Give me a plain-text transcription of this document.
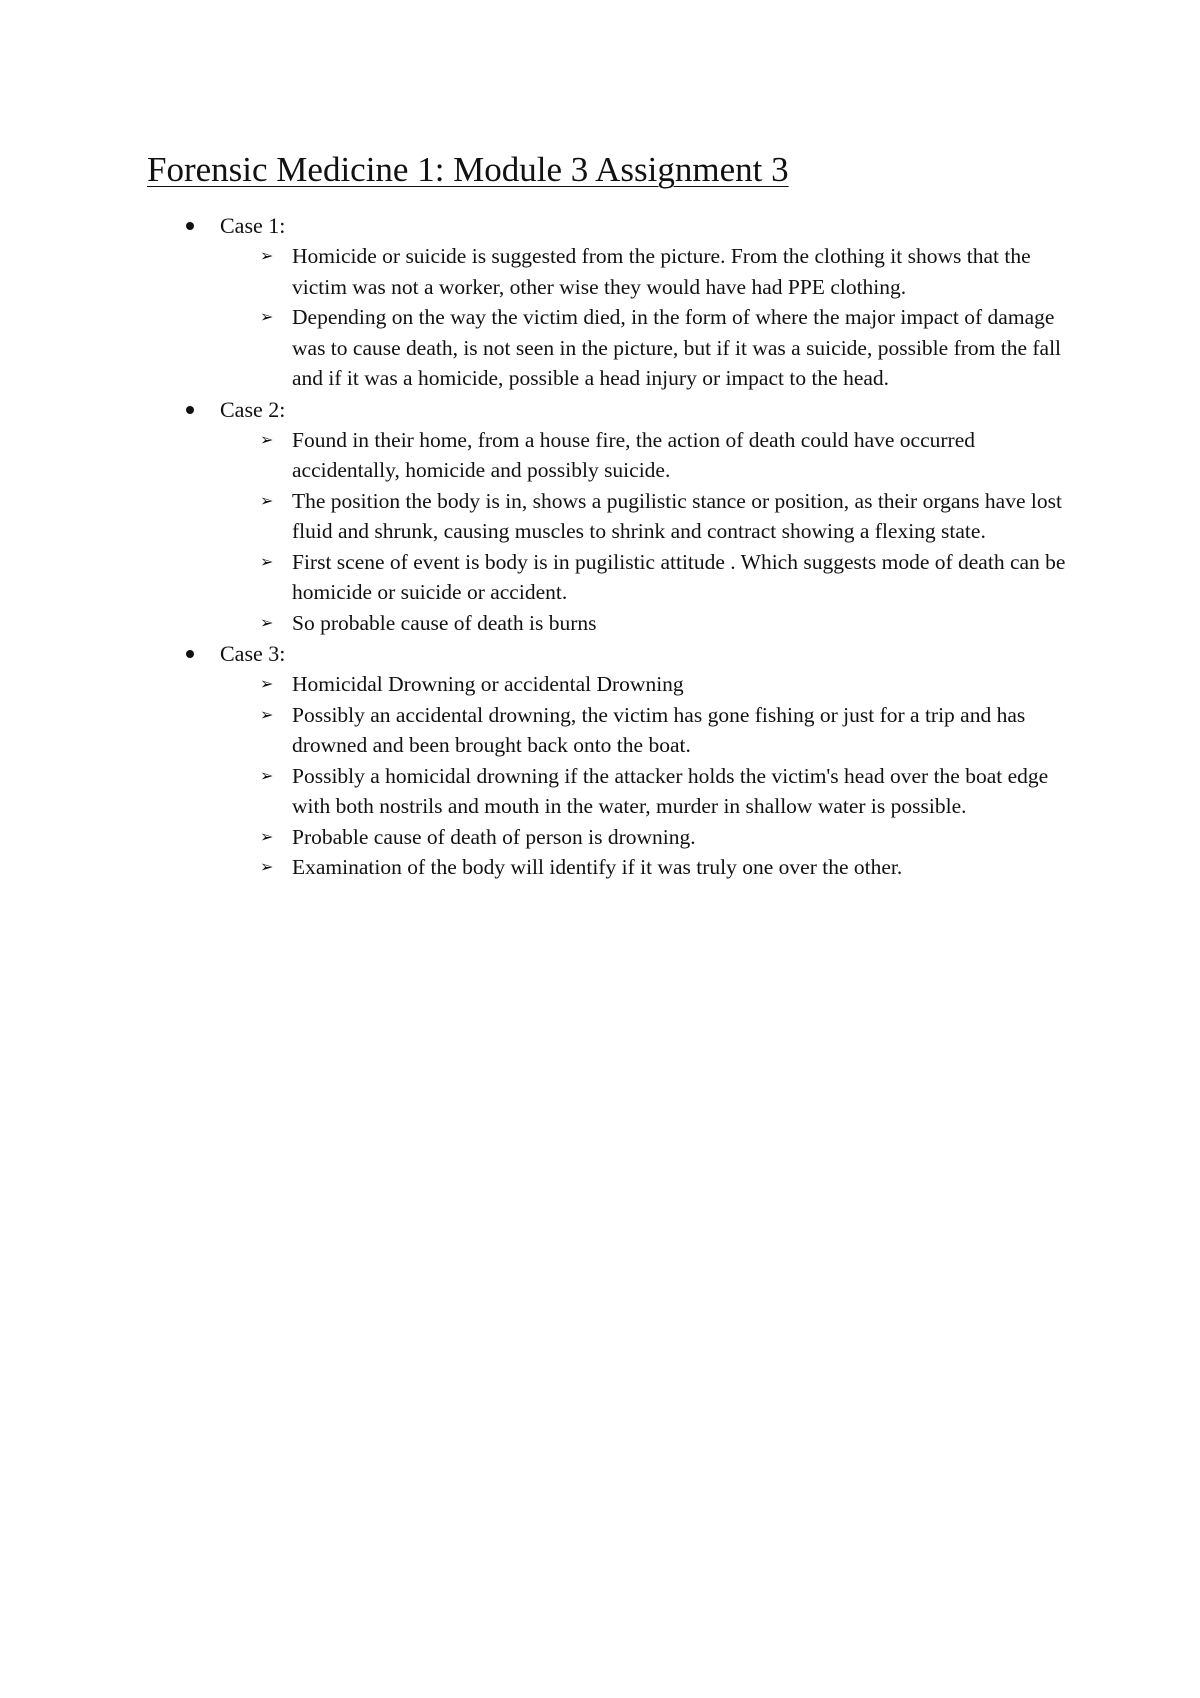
Forensic Medicine 1: Module 3 Assignment 3
Case 1:
➢ Homicide or suicide is suggested from the picture. From the clothing it shows that the victim was not a worker, other wise they would have had PPE clothing.
➢ Depending on the way the victim died, in the form of where the major impact of damage was to cause death, is not seen in the picture, but if it was a suicide, possible from the fall and if it was a homicide, possible a head injury or impact to the head.
Case 2:
➢ Found in their home, from a house fire, the action of death could have occurred accidentally, homicide and possibly suicide.
➢ The position the body is in, shows a pugilistic stance or position, as their organs have lost fluid and shrunk, causing muscles to shrink and contract showing a flexing state.
➢ First scene of event is body is in pugilistic attitude . Which suggests mode of death can be homicide or suicide or accident.
➢ So probable cause of death is burns
Case 3:
➢ Homicidal Drowning or accidental Drowning
➢ Possibly an accidental drowning, the victim has gone fishing or just for a trip and has drowned and been brought back onto the boat.
➢ Possibly a homicidal drowning if the attacker holds the victim's head over the boat edge with both nostrils and mouth in the water, murder in shallow water is possible.
➢ Probable cause of death of person is drowning.
➢ Examination of the body will identify if it was truly one over the other.
